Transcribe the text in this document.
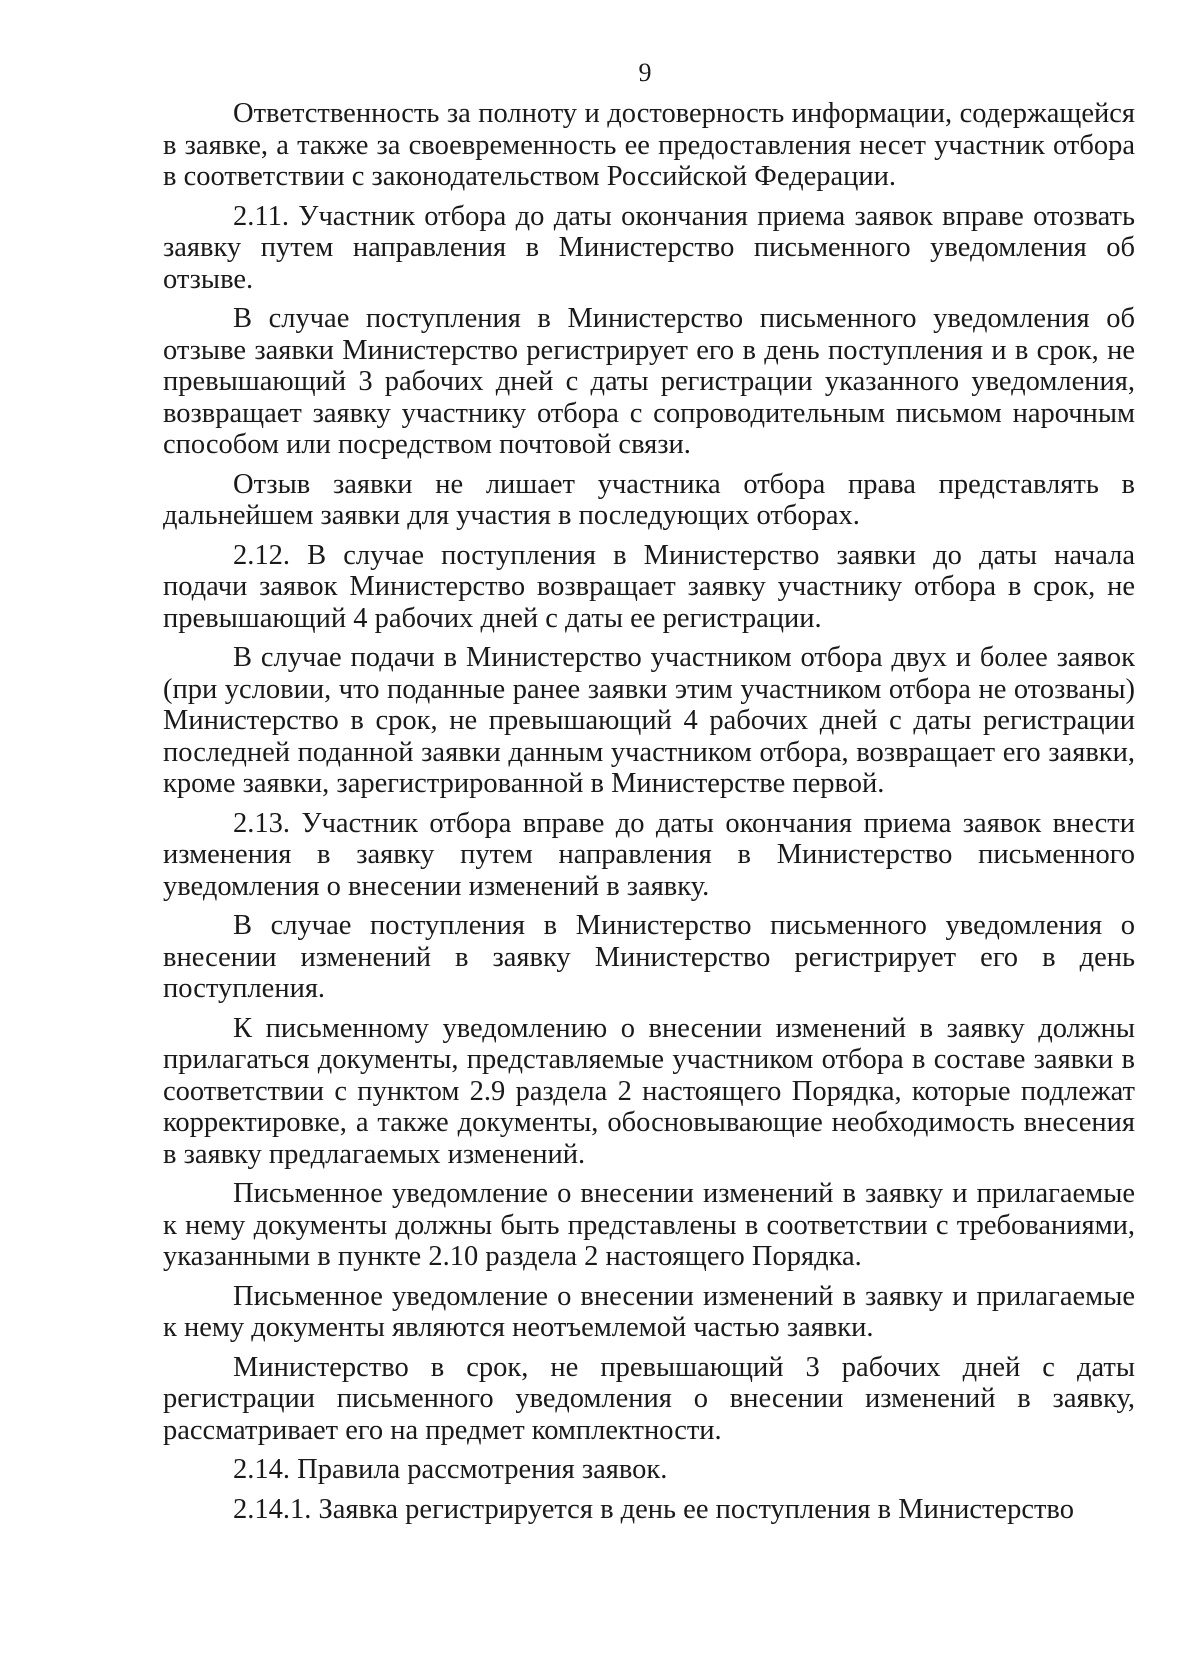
9

Ответственность за полноту и достоверность информации, содержащейся в заявке, а также за своевременность ее предоставления несет участник отбора в соответствии с законодательством Российской Федерации.

2.11. Участник отбора до даты окончания приема заявок вправе отозвать заявку путем направления в Министерство письменного уведомления об отзыве.

В случае поступления в Министерство письменного уведомления об отзыве заявки Министерство регистрирует его в день поступления и в срок, не превышающий 3 рабочих дней с даты регистрации указанного уведомления, возвращает заявку участнику отбора с сопроводительным письмом нарочным способом или посредством почтовой связи.

Отзыв заявки не лишает участника отбора права представлять в дальнейшем заявки для участия в последующих отборах.

2.12. В случае поступления в Министерство заявки до даты начала подачи заявок Министерство возвращает заявку участнику отбора в срок, не превышающий 4 рабочих дней с даты ее регистрации.

В случае подачи в Министерство участником отбора двух и более заявок (при условии, что поданные ранее заявки этим участником отбора не отозваны) Министерство в срок, не превышающий 4 рабочих дней с даты регистрации последней поданной заявки данным участником отбора, возвращает его заявки, кроме заявки, зарегистрированной в Министерстве первой.

2.13. Участник отбора вправе до даты окончания приема заявок внести изменения в заявку путем направления в Министерство письменного уведомления о внесении изменений в заявку.

В случае поступления в Министерство письменного уведомления о внесении изменений в заявку Министерство регистрирует его в день поступления.

К письменному уведомлению о внесении изменений в заявку должны прилагаться документы, представляемые участником отбора в составе заявки в соответствии с пунктом 2.9 раздела 2 настоящего Порядка, которые подлежат корректировке, а также документы, обосновывающие необходимость внесения в заявку предлагаемых изменений.

Письменное уведомление о внесении изменений в заявку и прилагаемые к нему документы должны быть представлены в соответствии с требованиями, указанными в пункте 2.10 раздела 2 настоящего Порядка.

Письменное уведомление о внесении изменений в заявку и прилагаемые к нему документы являются неотъемлемой частью заявки.

Министерство в срок, не превышающий 3 рабочих дней с даты регистрации письменного уведомления о внесении изменений в заявку, рассматривает его на предмет комплектности.

2.14. Правила рассмотрения заявок.

2.14.1. Заявка регистрируется в день ее поступления в Министерство
